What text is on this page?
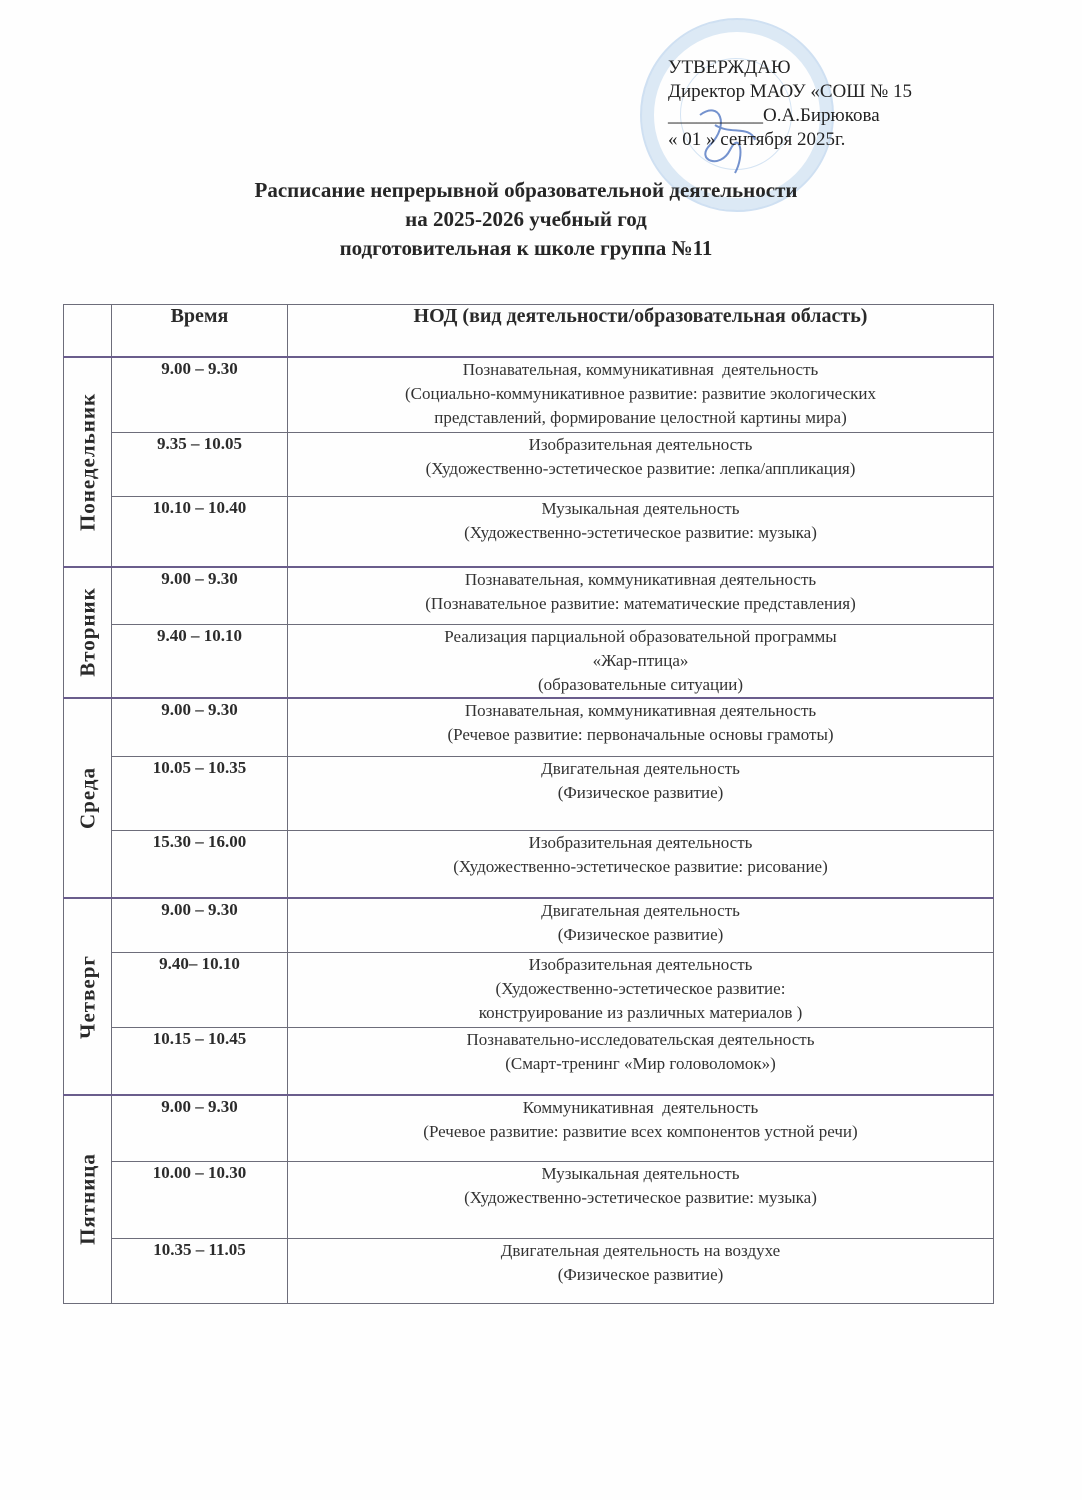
УТВЕРЖДАЮ
Директор МАОУ «СОШ № 15
__________О.А.Бирюкова
« 01 » сентября 2025г.
Расписание непрерывной образовательной деятельности
на 2025-2026 учебный год
подготовительная к школе группа №11
	Время	НОД (вид деятельности/образовательная область)

Понедельник	9.00 – 9.30	Познавательная, коммуникативная  деятельность
(Социально-коммуникативное развитие: развитие экологических
представлений, формирование целостной картины мира)

	9.35 – 10.05	Изобразительная деятельность
(Художественно-эстетическое развитие: лепка/аппликация)

	10.10 – 10.40	Музыкальная деятельность
(Художественно-эстетическое развитие: музыка)

Вторник	9.00 – 9.30	Познавательная, коммуникативная деятельность
(Познавательное развитие: математические представления)

	9.40 – 10.10	Реализация парциальной образовательной программы
«Жар-птица»
(образовательные ситуации)

Среда	9.00 – 9.30	Познавательная, коммуникативная деятельность
(Речевое развитие: первоначальные основы грамоты)

	10.05 – 10.35	Двигательная деятельность
(Физическое развитие)

	15.30 – 16.00	Изобразительная деятельность
(Художественно-эстетическое развитие: рисование)

Четверг	9.00 – 9.30	Двигательная деятельность
(Физическое развитие)

	9.40– 10.10	Изобразительная деятельность
(Художественно-эстетическое развитие:
конструирование из различных материалов )

	10.15 – 10.45	Познавательно-исследовательская деятельность
(Смарт-тренинг «Мир головоломок»)

Пятница	9.00 – 9.30	Коммуникативная  деятельность
(Речевое развитие: развитие всех компонентов устной речи)

	10.00 – 10.30	Музыкальная деятельность
(Художественно-эстетическое развитие: музыка)

	10.35 – 11.05	Двигательная деятельность на воздухе
(Физическое развитие)
